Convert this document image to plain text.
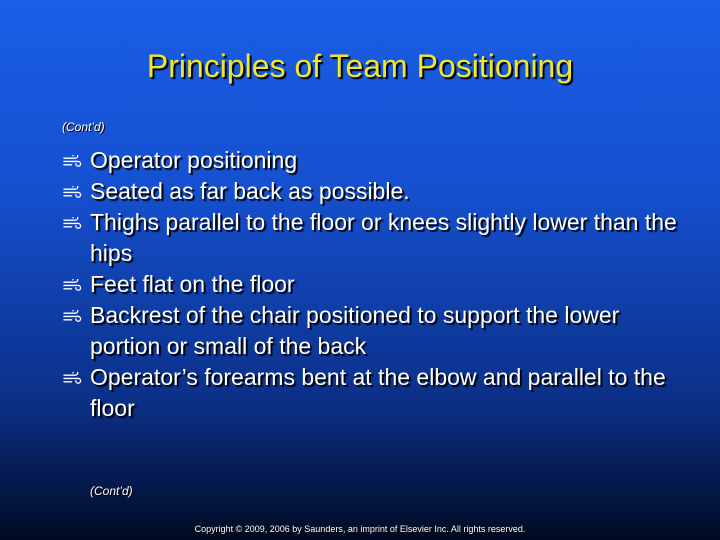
Principles of Team Positioning
(Cont’d)
Operator positioning
Seated as far back as possible.
Thighs parallel to the floor or knees slightly lower than the hips
Feet flat on the floor
Backrest of the chair positioned to support the lower portion or small of the back
Operator’s forearms bent at the elbow and parallel to the floor
(Cont’d)
Copyright © 2009, 2006 by Saunders, an imprint of Elsevier Inc. All rights reserved.
